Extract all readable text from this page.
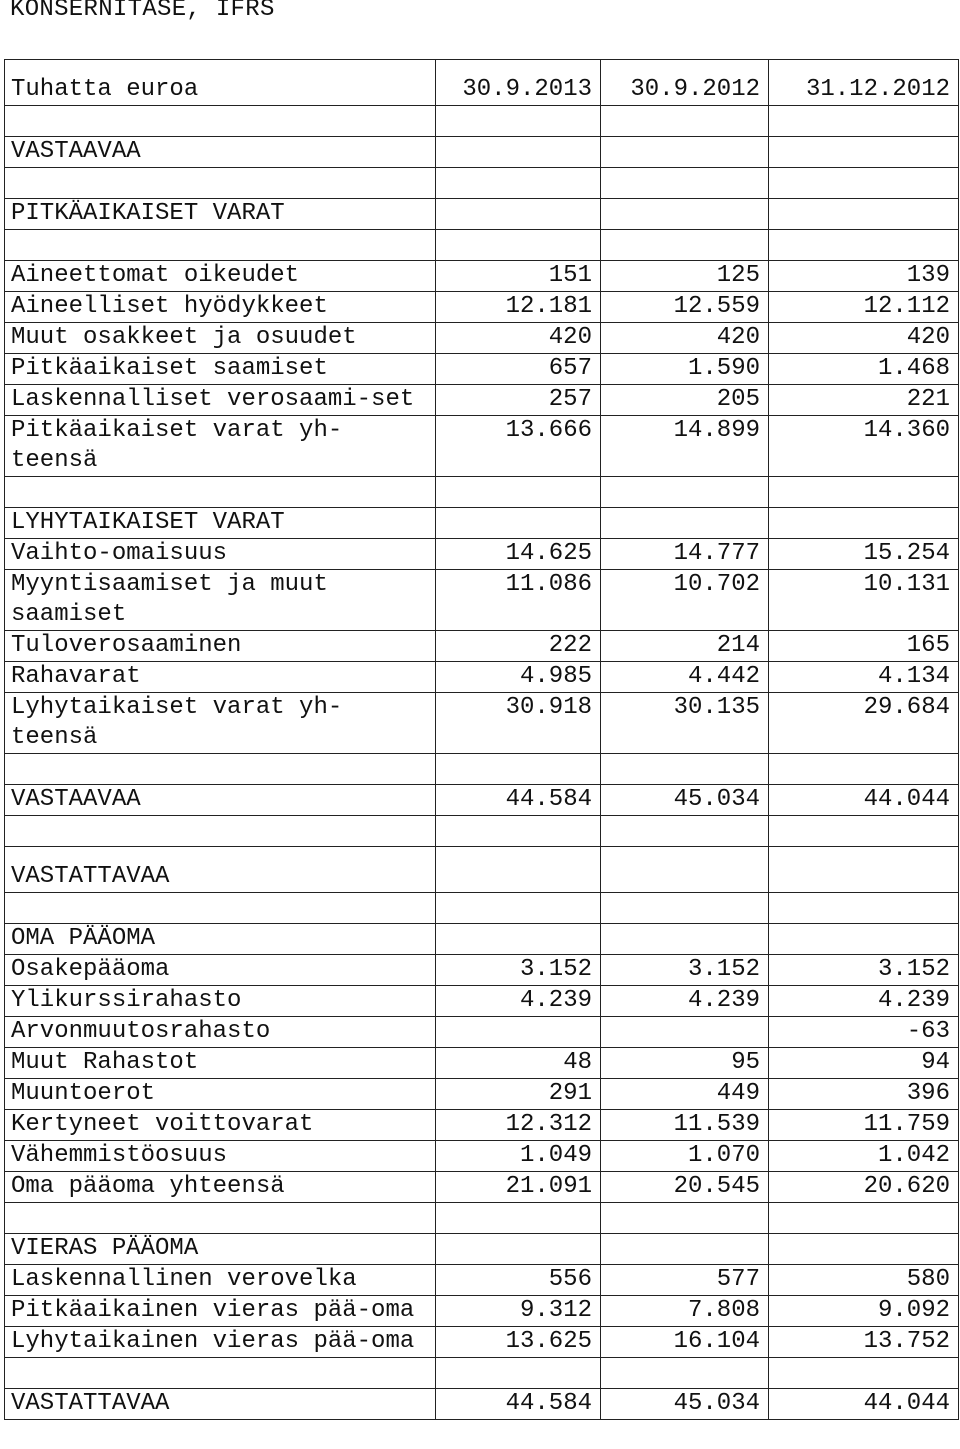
KONSERNITASE, IFRS
Tuhatta euroa	30.9.2013	30.9.2012	31.12.2012

VASTAAVAA			

PITKÄAIKAISET VARAT			

Aineettomat oikeudet	151	125	139
Aineelliset hyödykkeet	12.181	12.559	12.112
Muut osakkeet ja osuudet	420	420	420
Pitkäaikaiset saamiset	657	1.590	1.468
Laskennalliset verosaami-set	257	205	221
Pitkäaikaiset varat yh-teensä	13.666	14.899	14.360

LYHYTAIKAISET VARAT			
Vaihto-omaisuus	14.625	14.777	15.254
Myyntisaamiset ja muut saamiset	11.086	10.702	10.131
Tuloverosaaminen	222	214	165
Rahavarat	4.985	4.442	4.134
Lyhytaikaiset varat yh-teensä	30.918	30.135	29.684

VASTAAVAA	44.584	45.034	44.044

VASTATTAVAA			

OMA PÄÄOMA			
Osakepääoma	3.152	3.152	3.152
Ylikurssirahasto	4.239	4.239	4.239
Arvonmuutosrahasto			-63
Muut Rahastot	48	95	94
Muuntoerot	291	449	396
Kertyneet voittovarat	12.312	11.539	11.759
Vähemmistöosuus	1.049	1.070	1.042
Oma pääoma yhteensä	21.091	20.545	20.620

VIERAS PÄÄOMA			
Laskennallinen verovelka	556	577	580
Pitkäaikainen vieras pää-oma	9.312	7.808	9.092
Lyhytaikainen vieras pää-oma	13.625	16.104	13.752

VASTATTAVAA	44.584	45.034	44.044
